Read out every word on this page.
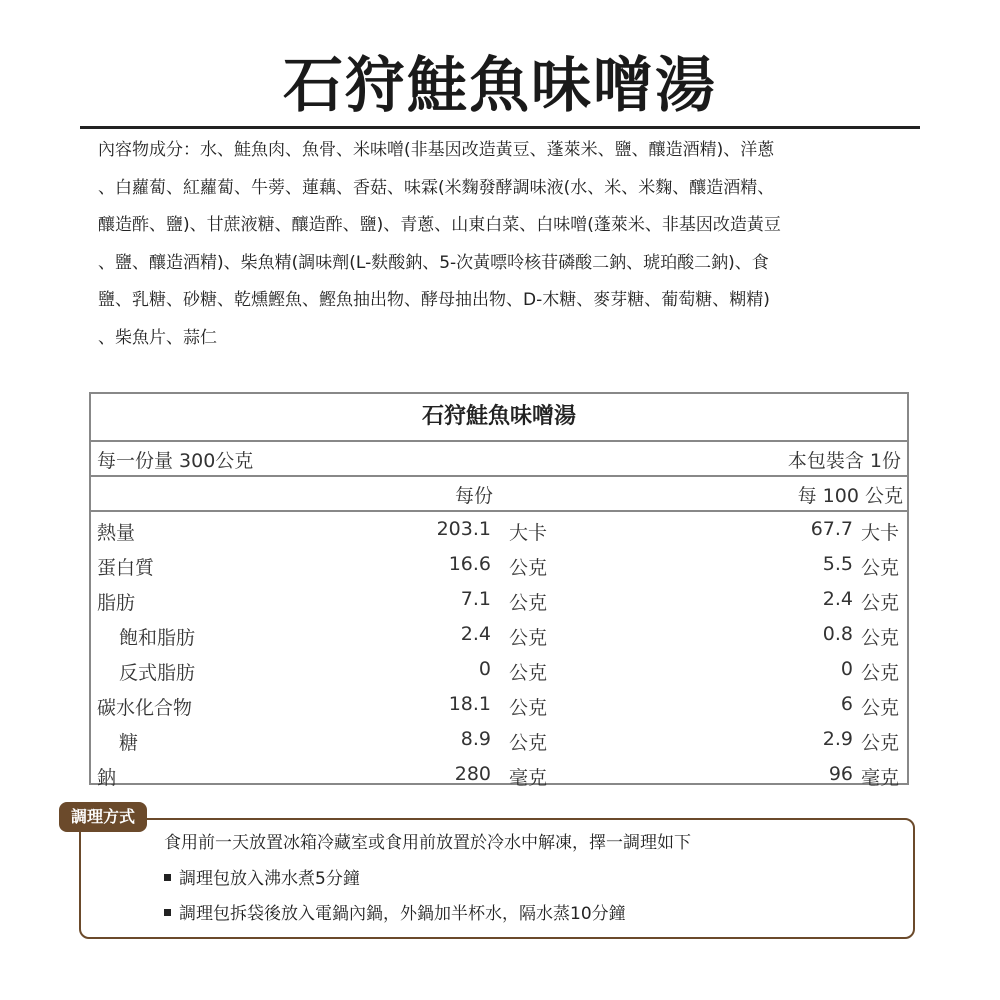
石狩鮭魚味噌湯
內容物成分：水、鮭魚肉、魚骨、米味噌(非基因改造黃豆、蓬萊米、鹽、釀造酒精)、洋蔥
、白蘿蔔、紅蘿蔔、牛蒡、蓮藕、香菇、味霖(米麴發酵調味液(水、米、米麴、釀造酒精、
釀造酢、鹽)、甘蔗液糖、釀造酢、鹽)、青蔥、山東白菜、白味噌(蓬萊米、非基因改造黃豆
、鹽、釀造酒精)、柴魚精(調味劑(L-麩酸鈉、5-次黃嘌呤核苷磷酸二鈉、琥珀酸二鈉)、食
鹽、乳糖、砂糖、乾燻鰹魚、鰹魚抽出物、酵母抽出物、D-木糖、麥芽糖、葡萄糖、糊精)
、柴魚片、蒜仁
石狩鮭魚味噌湯
每一份量 300公克	本包裝含 1份
每份	每 100 公克
熱量	203.1 大卡	67.7 大卡
蛋白質	16.6 公克	5.5 公克
脂肪	7.1 公克	2.4 公克
飽和脂肪	2.4 公克	0.8 公克
反式脂肪	0 公克	0 公克
碳水化合物	18.1 公克	6 公克
糖	8.9 公克	2.9 公克
鈉	280 毫克	96 毫克
調理方式
食用前一天放置冰箱冷藏室或食用前放置於冷水中解凍，擇一調理如下
調理包放入沸水煮5分鐘
調理包拆袋後放入電鍋內鍋，外鍋加半杯水，隔水蒸10分鐘
